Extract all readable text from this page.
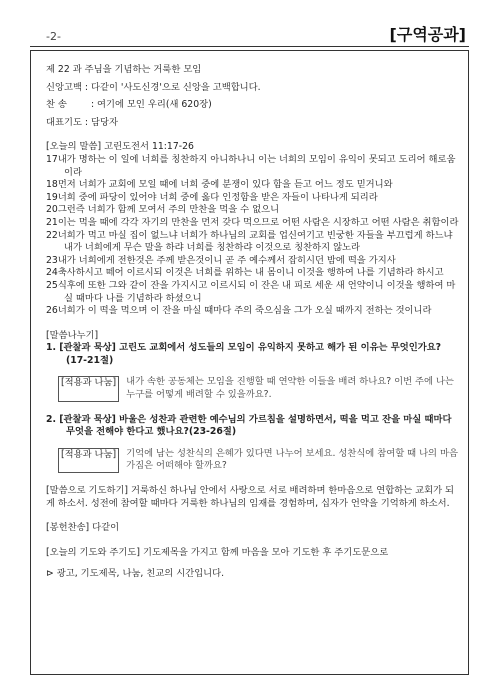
-2-	[구역공과]

제 22 과 주님을 기념하는 거룩한 모임

신앙고백 : 다같이 '사도신경'으로 신앙을 고백합니다.

찬 송	: 여기에 모인 우리(새 620장)

대표기도 : 담당자

[오늘의 말씀] 고린도전서 11:17-26

17내가 명하는 이 일에 너희를 칭찬하지 아니하나니 이는 너희의 모임이 유익이 못되고 도리어 해로움이라

18먼저 너희가 교회에 모일 때에 너희 중에 분쟁이 있다 함을 듣고 어느 정도 믿거니와

19너희 중에 파당이 있어야 너희 중에 옳다 인정함을 받은 자들이 나타나게 되리라

20그런즉 너희가 함께 모여서 주의 만찬을 먹을 수 없으니

21이는 먹을 때에 각각 자기의 만찬을 먼저 갖다 먹으므로 어떤 사람은 시장하고 어떤 사람은 취함이라

22너희가 먹고 마실 집이 없느냐 너희가 하나님의 교회를 업신여기고 빈궁한 자들을 부끄럽게 하느냐 내가 너희에게 무슨 말을 하랴 너희를 칭찬하랴 이것으로 칭찬하지 않노라

23내가 너희에게 전한것은 주께 받은것이니 곧 주 예수께서 잡히시던 밤에 떡을 가지사

24축사하시고 떼어 이르시되 이것은 너희를 위하는 내 몸이니 이것을 행하여 나를 기념하라 하시고

25식후에 또한 그와 같이 잔을 가지시고 이르시되 이 잔은 내 피로 세운 새 언약이니 이것을 행하여 마실 때마다 나를 기념하라 하셨으니

26너희가 이 떡을 먹으며 이 잔을 마실 때마다 주의 죽으심을 그가 오실 때까지 전하는 것이니라

[말씀나누기]

1. [관찰과 묵상] 고린도 교회에서 성도들의 모임이 유익하지 못하고 해가 된 이유는 무엇인가요?(17-21절)

[적용과 나눔]	내가 속한 공동체는 모임을 진행할 때 연약한 이들을 배려 하나요? 이번 주에 나는 누구를 어떻게 배려할 수 있을까요?.

2. [관찰과 묵상] 바울은 성찬과 관련한 예수님의 가르침을 설명하면서, 떡을 먹고 잔을 마실 때마다 무엇을 전해야 한다고 했나요?(23-26절)

[적용과 나눔]	기억에 남는 성찬식의 은혜가 있다면 나누어 보세요. 성찬식에 참여할 때 나의 마음가짐은 어떠해야 할까요?

[말씀으로 기도하기] 거룩하신 하나님 안에서 사랑으로 서로 배려하며 한마음으로 연합하는 교회가 되게 하소서. 성전에 참여할 때마다 거룩한 하나님의 임재를 경험하며, 십자가 언약을 기억하게 하소서.

[봉헌찬송] 다같이

[오늘의 기도와 주기도] 기도제목을 가지고 함께 마음을 모아 기도한 후 주기도문으로

⊳ 광고, 기도제목, 나눔, 친교의 시간입니다.
